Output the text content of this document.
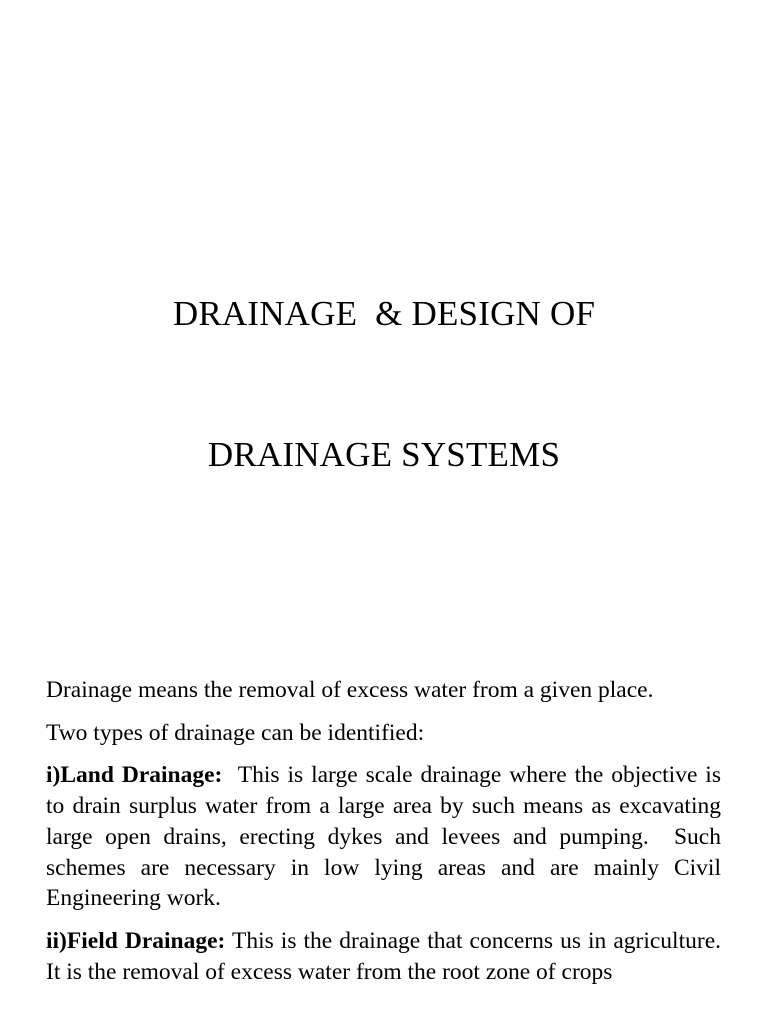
DRAINAGE  & DESIGN OF

DRAINAGE SYSTEMS

Drainage means the removal of excess water from a given place.

Two types of drainage can be identified:

i)Land Drainage:  This is large scale drainage where the objective is to drain surplus water from a large area by such means as excavating large open drains, erecting dykes and levees and pumping.  Such schemes are necessary in low lying areas and are mainly Civil Engineering work.

ii)Field Drainage: This is the drainage that concerns us in agriculture.  It is the removal of excess water from the root zone of crops
